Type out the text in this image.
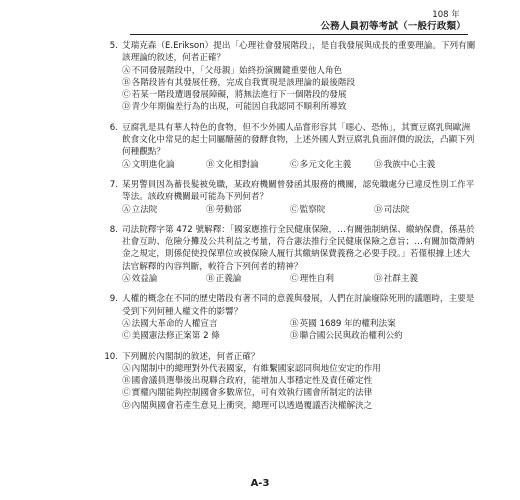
108 年
公務人員初等考試（一般行政類）
5. 艾瑞克森（E.Erikson）提出「心理社會發展階段」，是自我發展與成長的重要理論。下列有關該理論的敘述，何者正確？
Ⓐ不同發展階段中，「父母親」始終扮演關鍵重要他人角色
Ⓑ各階段皆有其發展任務，完成自我實現是該理論的最後階段
Ⓒ若某一階段遭遇發展障礙，將無法進行下一個階段的發展
Ⓓ青少年期偏差行為的出現，可能因自我認同不順利所導致
6. 豆腐乳是具有華人特色的食物，但不少外國人品嘗形容其「噁心、恐怖」，其實豆腐乳與歐洲飲食文化中常見的起士同屬醣菌的發酵食物，上述外國人對豆腐乳負面評價的說法，凸顯下列何種觀點？
Ⓐ文明進化論	Ⓑ文化相對論	Ⓒ多元文化主義	Ⓓ我族中心主義
7. 某男警員因為蓄長髮被免職，某政府機關曾發函其服務的機關，認免職處分已違反性別工作平等法。該政府機關最可能為下列何者？
Ⓐ立法院	Ⓑ勞動部	Ⓒ監察院	Ⓓ司法院
8. 司法院釋字第 472 號解釋：「國家應推行全民健康保險，…有關強制納保、繳納保費，係基於社會互助、危險分攤及公共利益之考量，符合憲法推行全民健康保險之意旨；…有關加徵滯納金之規定，則係促使投保單位或被保險人履行其繳納保費義務之必要手段。」若僅根據上述大法官解釋的內容判斷，較符合下列何者的精神？
Ⓐ效益論	Ⓑ正義論	Ⓒ理性自利	Ⓓ社群主義
9. 人權的概念在不同的歷史階段有著不同的意義與發展，人們在討論廢除死刑的議題時，主要是受到下列何種人權文件的影響？
Ⓐ法國大革命的人權宣言	Ⓑ英國 1689 年的權利法案
Ⓒ美國憲法修正案第 2 條	Ⓓ聯合國公民與政治權利公約
10. 下列關於內閣制的敘述，何者正確？
Ⓐ內閣制中的總理對外代表國家，有維繫國家認同與地位安定的作用
Ⓑ國會議員選舉後出現聯合政府，能增加人事穩定性及責任確定性
Ⓒ實權內閣能夠控制國會多數席位，可有效執行國會所制定的法律
Ⓓ內閣與國會若產生意見上衝突，總理可以透過覆議否決權解決之
A-3
